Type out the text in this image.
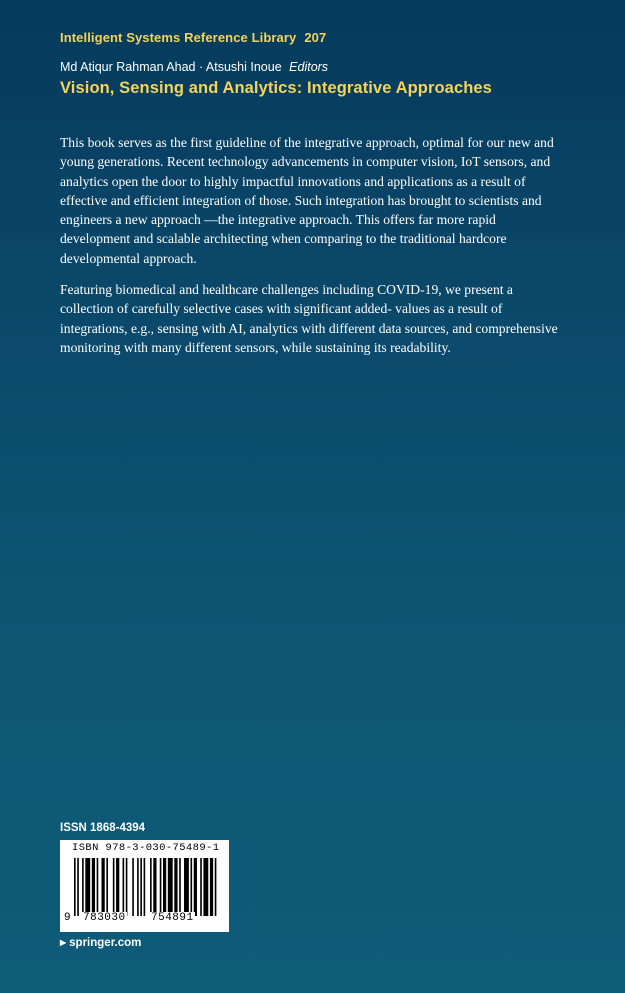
Intelligent Systems Reference Library 207
Md Atiqur Rahman Ahad · Atsushi Inoue Editors
Vision, Sensing and Analytics: Integrative Approaches

This book serves as the first guideline of the integrative approach, optimal for our new and young generations. Recent technology advancements in computer vision, IoT sensors, and analytics open the door to highly impactful innovations and applications as a result of effective and efficient integration of those. Such integration has brought to scientists and engineers a new approach —the integrative approach. This offers far more rapid development and scalable architecting when comparing to the traditional hardcore developmental approach.

Featuring biomedical and healthcare challenges including COVID-19, we present a collection of carefully selective cases with significant added- values as a result of integrations, e.g., sensing with AI, analytics with different data sources, and comprehensive monitoring with many different sensors, while sustaining its readability.

ISSN 1868-4394
ISBN 978-3-030-75489-1
9 783030 754891
▶ springer.com
